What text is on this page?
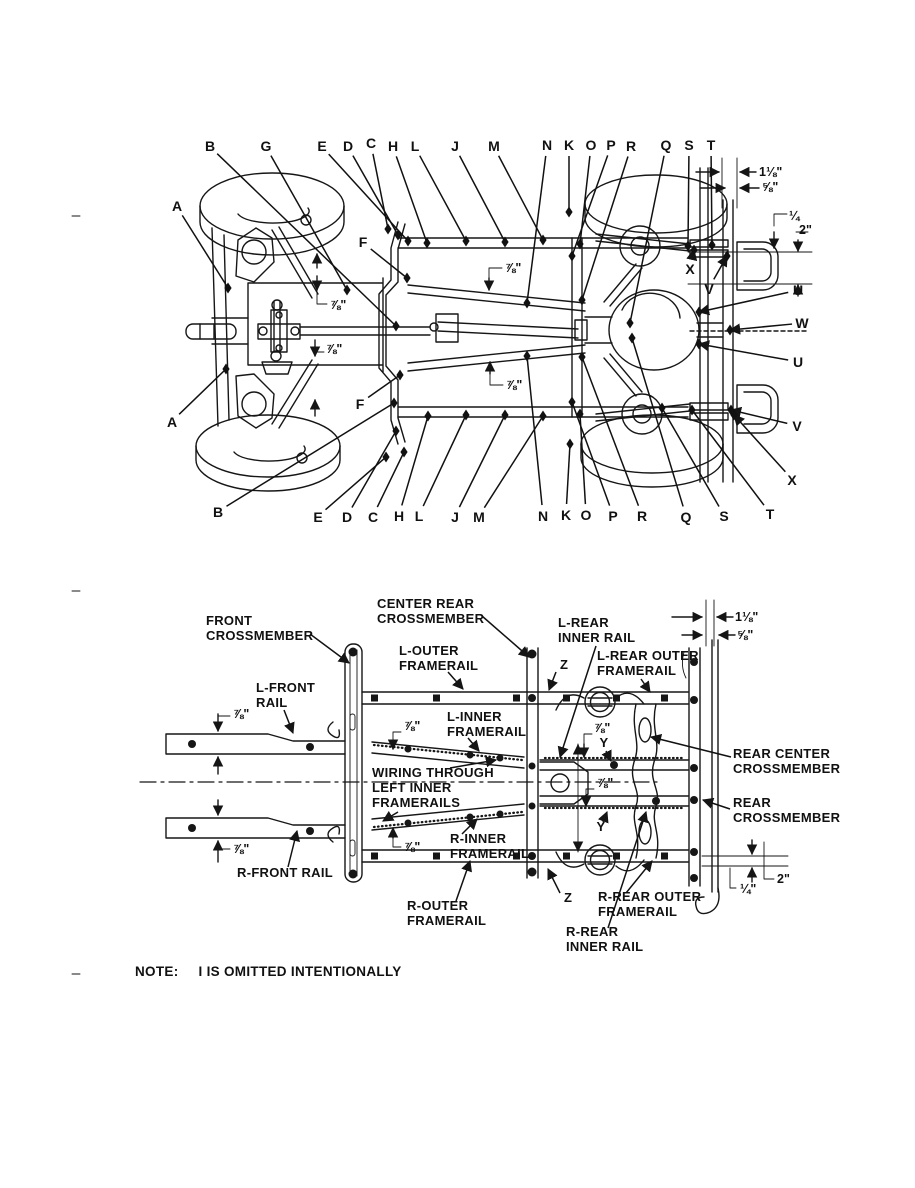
B	G	E D C H L J M	N K O P R Q S T
E D C H L J M	N K O P R Q S	T
A
A
B
F
F
X
V	U
W
U
V
X
⅞"
⅞"
⅞"
⅞"
1⅛"
⅝"
¼
2"
FRONT CROSSMEMBER
CENTER REAR CROSSMEMBER
L-OUTER FRAMERAIL
L-FRONT RAIL
L-INNER FRAMERAIL
WIRING THROUGH LEFT INNER FRAMERAILS
R-INNER FRAMERAIL
R-FRONT RAIL
R-OUTER FRAMERAIL
L-REAR INNER RAIL
L-REAR OUTER FRAMERAIL
REAR CENTER CROSSMEMBER
REAR CROSSMEMBER
R-REAR OUTER FRAMERAIL
R-REAR INNER RAIL
Z
Z
Y
Y
1⅛"
⅝"
⅞"
⅞"
⅞"
⅞"
⅞"
⅞"
2"
¼"
NOTE: I IS OMITTED INTENTIONALLY
